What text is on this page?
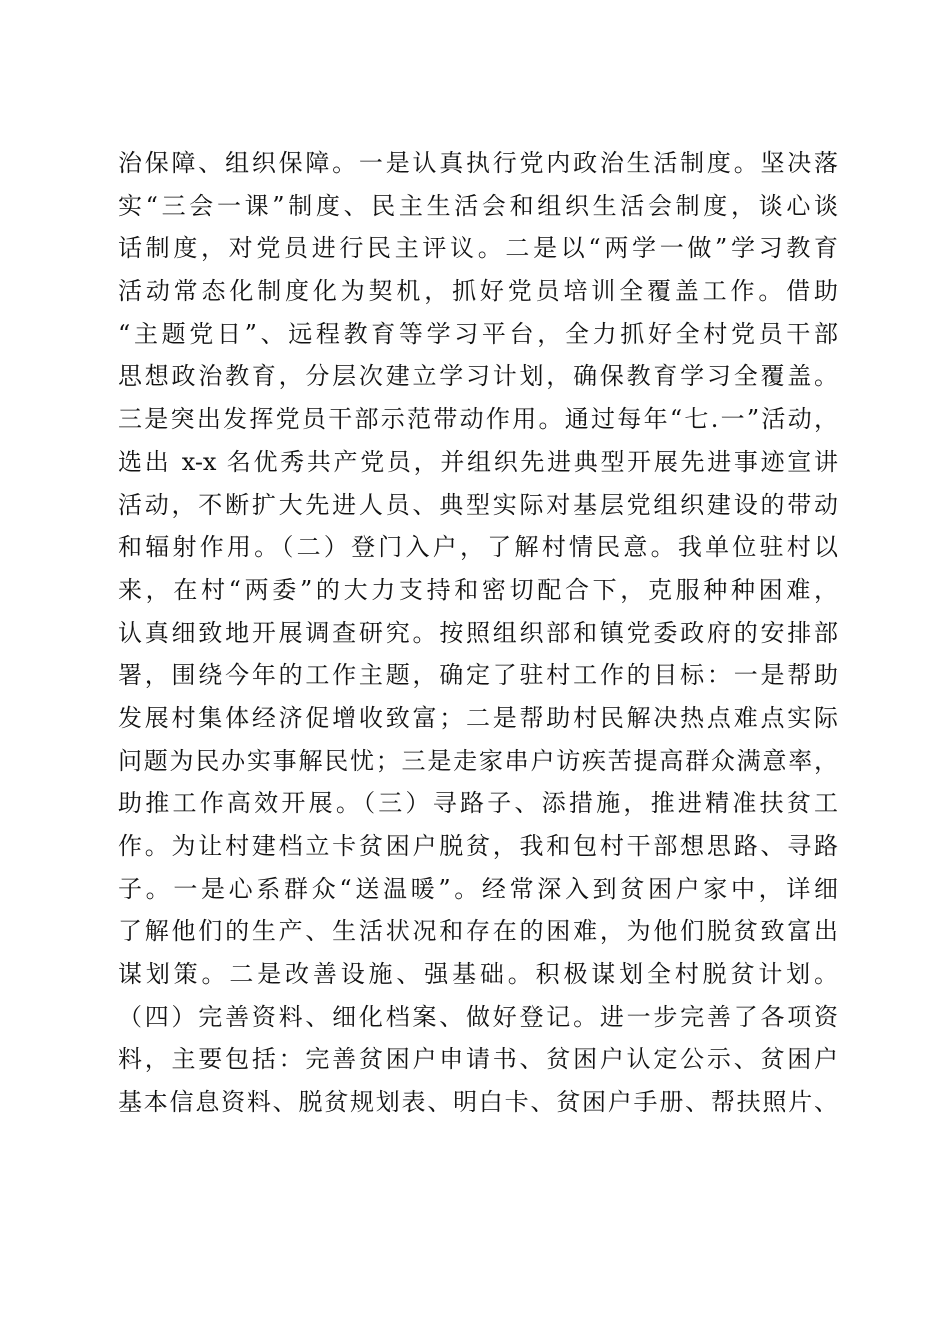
治保障、组织保障。一是认真执行党内政治生活制度。坚决落
实“三会一课”制度、民主生活会和组织生活会制度，谈心谈
话制度，对党员进行民主评议。二是以“两学一做”学习教育
活动常态化制度化为契机，抓好党员培训全覆盖工作。借助
“主题党日”、远程教育等学习平台，全力抓好全村党员干部
思想政治教育，分层次建立学习计划，确保教育学习全覆盖。
三是突出发挥党员干部示范带动作用。通过每年“七.一”活动，
选出 x-x 名优秀共产党员，并组织先进典型开展先进事迹宣讲
活动，不断扩大先进人员、典型实际对基层党组织建设的带动
和辐射作用。（二）登门入户，了解村情民意。我单位驻村以
来，在村“两委”的大力支持和密切配合下，克服种种困难，
认真细致地开展调查研究。按照组织部和镇党委政府的安排部
署，围绕今年的工作主题，确定了驻村工作的目标：一是帮助
发展村集体经济促增收致富；二是帮助村民解决热点难点实际
问题为民办实事解民忧；三是走家串户访疾苦提高群众满意率，
助推工作高效开展。（三）寻路子、添措施，推进精准扶贫工
作。为让村建档立卡贫困户脱贫，我和包村干部想思路、寻路
子。一是心系群众“送温暖”。经常深入到贫困户家中，详细
了解他们的生产、生活状况和存在的困难，为他们脱贫致富出
谋划策。二是改善设施、强基础。积极谋划全村脱贫计划。
（四）完善资料、细化档案、做好登记。进一步完善了各项资
料，主要包括：完善贫困户申请书、贫困户认定公示、贫困户
基本信息资料、脱贫规划表、明白卡、贫困户手册、帮扶照片、
